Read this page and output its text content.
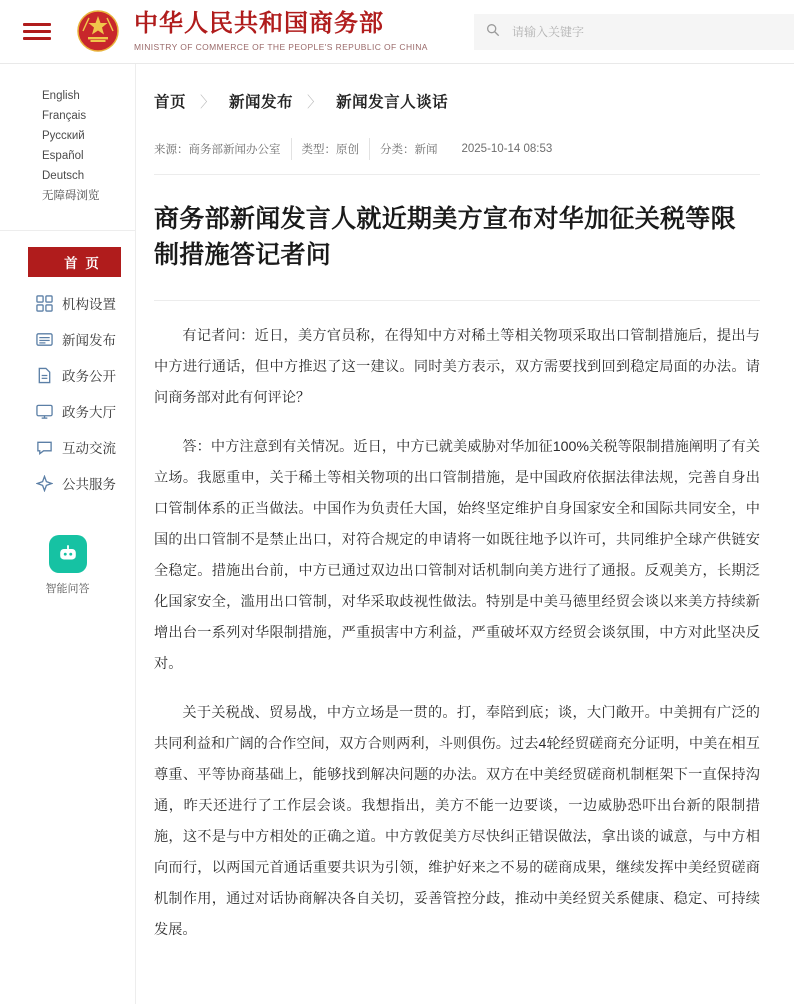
中华人民共和国商务部
MINISTRY OF COMMERCE OF THE PEOPLE'S REPUBLIC OF CHINA
请输入关键字
English Français
Русский Español
Deutsch
无障碍浏览
首 页
机构设置
新闻发布
政务公开
政务大厅
互动交流
公共服务
智能问答
首页 〉 新闻发布 〉 新闻发言人谈话
来源：商务部新闻办公室	类型：原创	分类：新闻	2025-10-14 08:53
商务部新闻发言人就近期美方宣布对华加征关税等限制措施答记者问

有记者问：近日，美方官员称，在得知中方对稀土等相关物项采取出口管制措施后，提出与中方进行通话，但中方推迟了这一建议。同时美方表示，双方需要找到回到稳定局面的办法。请问商务部对此有何评论？

答：中方注意到有关情况。近日，中方已就美威胁对华加征100%关税等限制措施阐明了有关立场。我愿重申，关于稀土等相关物项的出口管制措施，是中国政府依据法律法规，完善自身出口管制体系的正当做法。中国作为负责任大国，始终坚定维护自身国家安全和国际共同安全，中国的出口管制不是禁止出口，对符合规定的申请将一如既往地予以许可，共同维护全球产供链安全稳定。措施出台前，中方已通过双边出口管制对话机制向美方进行了通报。反观美方，长期泛化国家安全，滥用出口管制，对华采取歧视性做法。特别是中美马德里经贸会谈以来美方持续新增出台一系列对华限制措施，严重损害中方利益，严重破坏双方经贸会谈氛围，中方对此坚决反对。

关于关税战、贸易战，中方立场是一贯的。打，奉陪到底；谈，大门敞开。中美拥有广泛的共同利益和广阔的合作空间，双方合则两利，斗则俱伤。过去4轮经贸磋商充分证明，中美在相互尊重、平等协商基础上，能够找到解决问题的办法。双方在中美经贸磋商机制框架下一直保持沟通，昨天还进行了工作层会谈。我想指出，美方不能一边要谈，一边威胁恐吓出台新的限制措施，这不是与中方相处的正确之道。中方敦促美方尽快纠正错误做法，拿出谈的诚意，与中方相向而行，以两国元首通话重要共识为引领，维护好来之不易的磋商成果，继续发挥中美经贸磋商机制作用，通过对话协商解决各自关切，妥善管控分歧，推动中美经贸关系健康、稳定、可持续发展。
